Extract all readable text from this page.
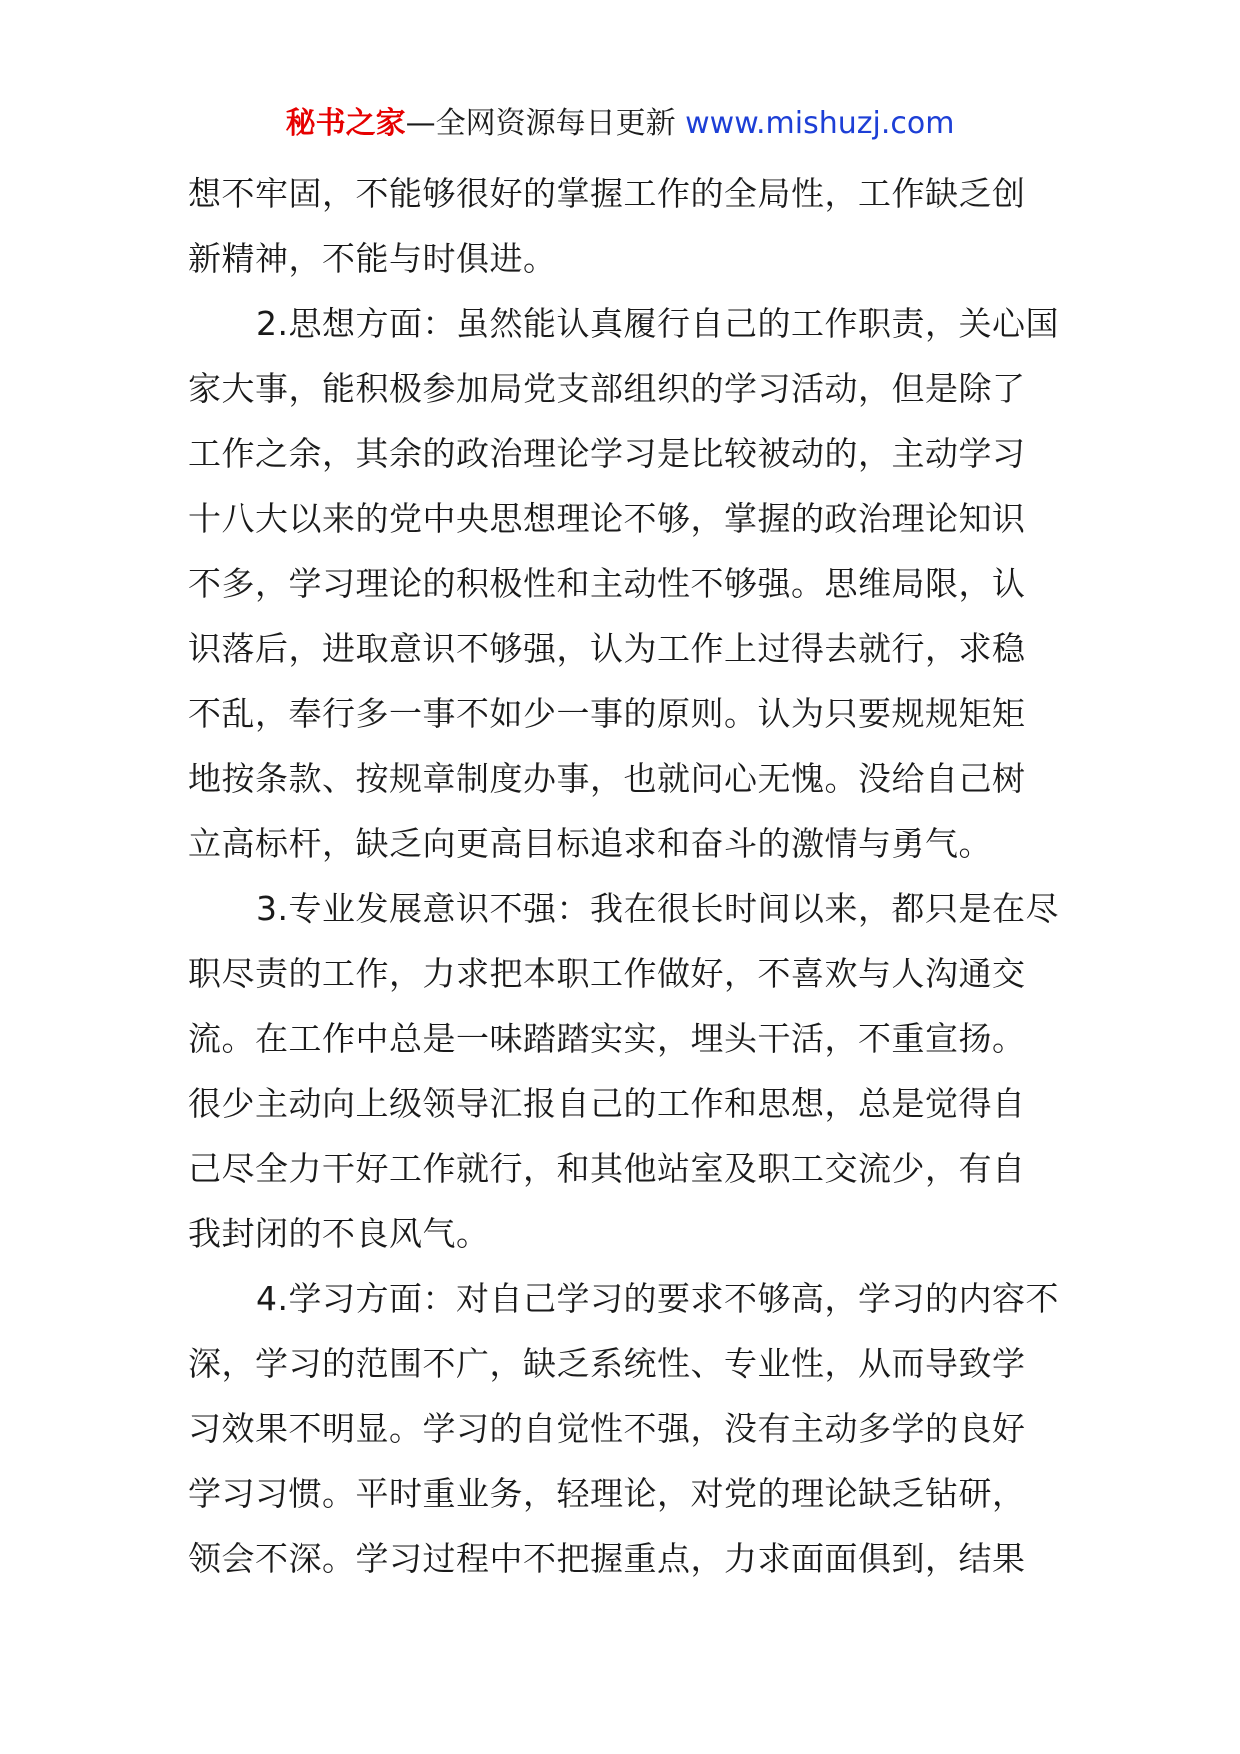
秘书之家—全网资源每日更新 www.mishuzj.com
想不牢固，不能够很好的掌握工作的全局性，工作缺乏创
新精神，不能与时俱进。
2.思想方面：虽然能认真履行自己的工作职责，关心国
家大事，能积极参加局党支部组织的学习活动，但是除了
工作之余，其余的政治理论学习是比较被动的，主动学习
十八大以来的党中央思想理论不够，掌握的政治理论知识
不多，学习理论的积极性和主动性不够强。思维局限，认
识落后，进取意识不够强，认为工作上过得去就行，求稳
不乱，奉行多一事不如少一事的原则。认为只要规规矩矩
地按条款、按规章制度办事，也就问心无愧。没给自己树
立高标杆，缺乏向更高目标追求和奋斗的激情与勇气。
3.专业发展意识不强：我在很长时间以来，都只是在尽
职尽责的工作，力求把本职工作做好，不喜欢与人沟通交
流。在工作中总是一味踏踏实实，埋头干活，不重宣扬。
很少主动向上级领导汇报自己的工作和思想，总是觉得自
己尽全力干好工作就行，和其他站室及职工交流少，有自
我封闭的不良风气。
4.学习方面：对自己学习的要求不够高，学习的内容不
深，学习的范围不广，缺乏系统性、专业性，从而导致学
习效果不明显。学习的自觉性不强，没有主动多学的良好
学习习惯。平时重业务，轻理论，对党的理论缺乏钻研，
领会不深。学习过程中不把握重点，力求面面俱到，结果
